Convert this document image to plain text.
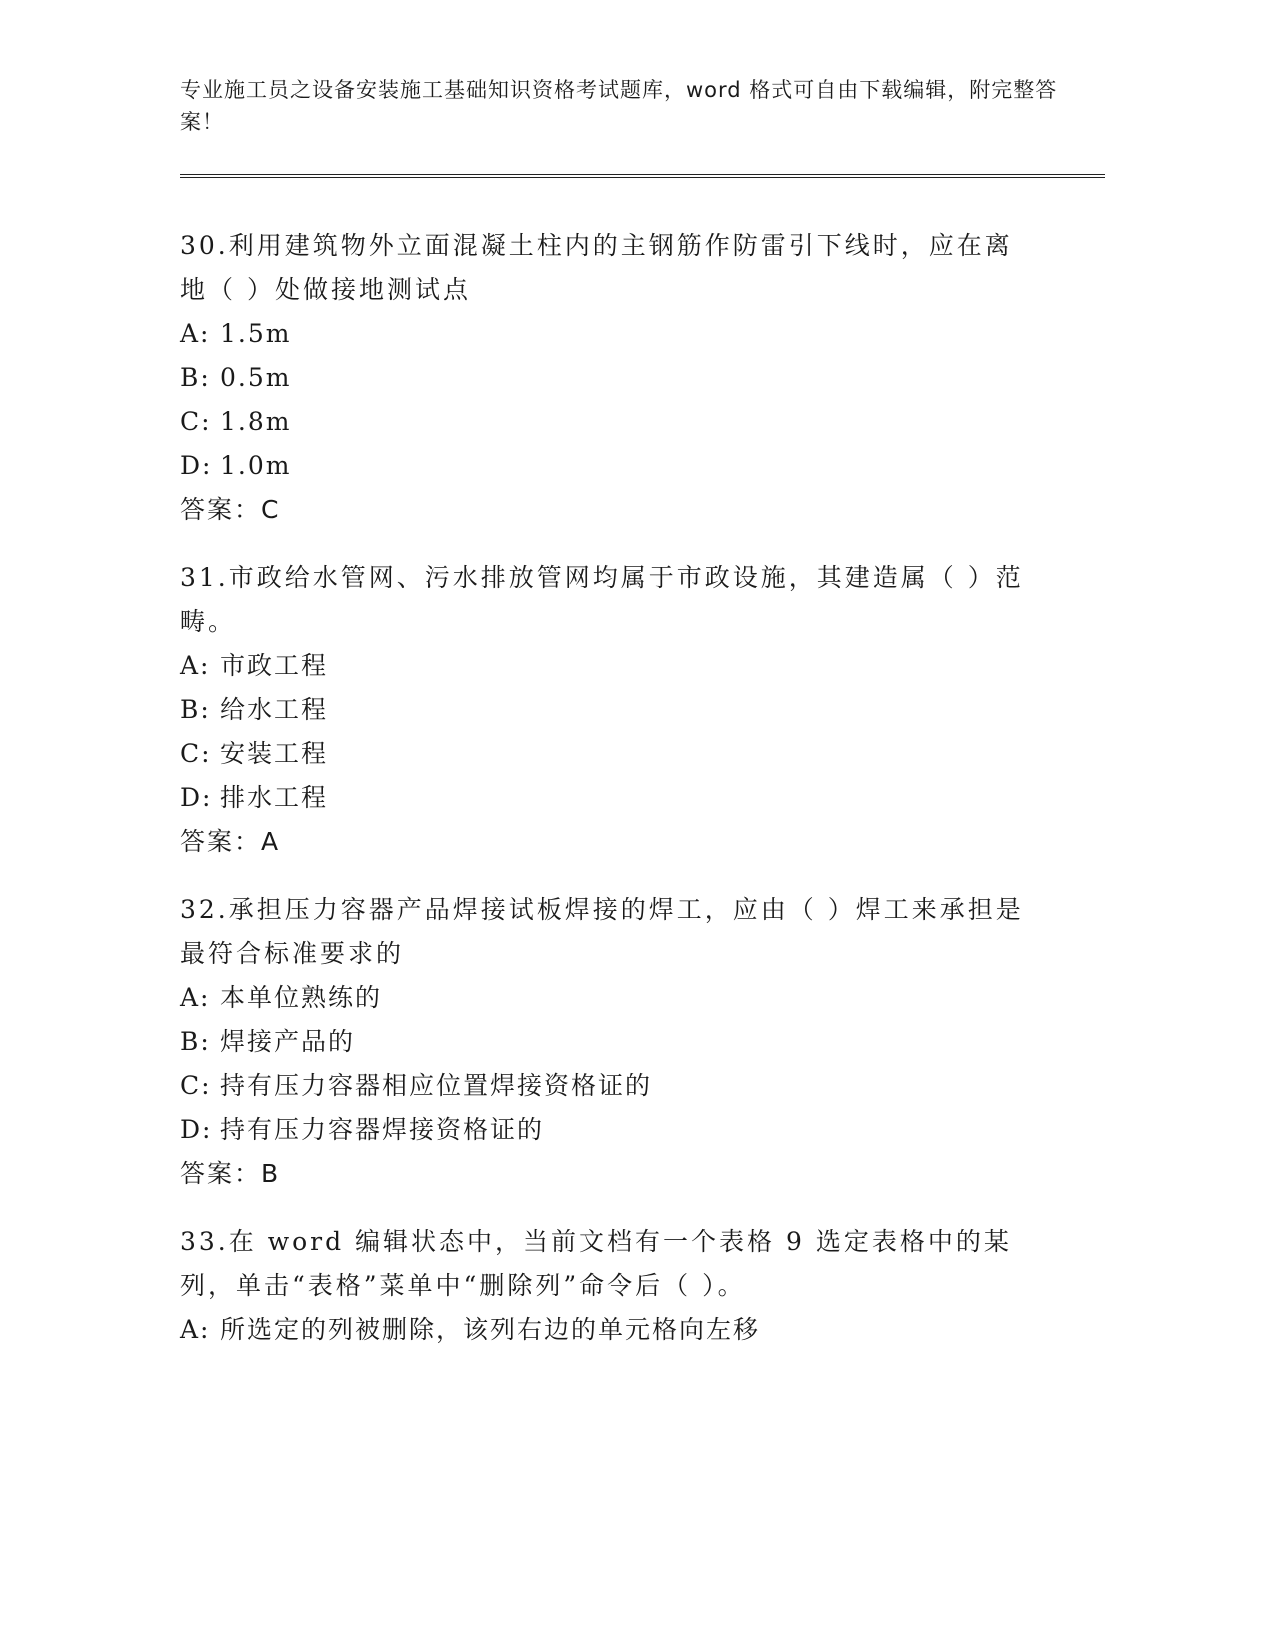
专业施工员之设备安装施工基础知识资格考试题库，word 格式可自由下载编辑，附完整答案！
30.利用建筑物外立面混凝土柱内的主钢筋作防雷引下线时，应在离地（ ）处做接地测试点
A: 1.5m
B: 0.5m
C: 1.8m
D: 1.0m
答案：C
31.市政给水管网、污水排放管网均属于市政设施，其建造属（ ）范畴。
A: 市政工程
B: 给水工程
C: 安装工程
D: 排水工程
答案：A
32.承担压力容器产品焊接试板焊接的焊工，应由（ ）焊工来承担是最符合标准要求的
A: 本单位熟练的
B: 焊接产品的
C: 持有压力容器相应位置焊接资格证的
D: 持有压力容器焊接资格证的
答案：B
33.在 word 编辑状态中，当前文档有一个表格 9 选定表格中的某列，单击“表格”菜单中“删除列”命令后（ ）。
A: 所选定的列被删除，该列右边的单元格向左移
